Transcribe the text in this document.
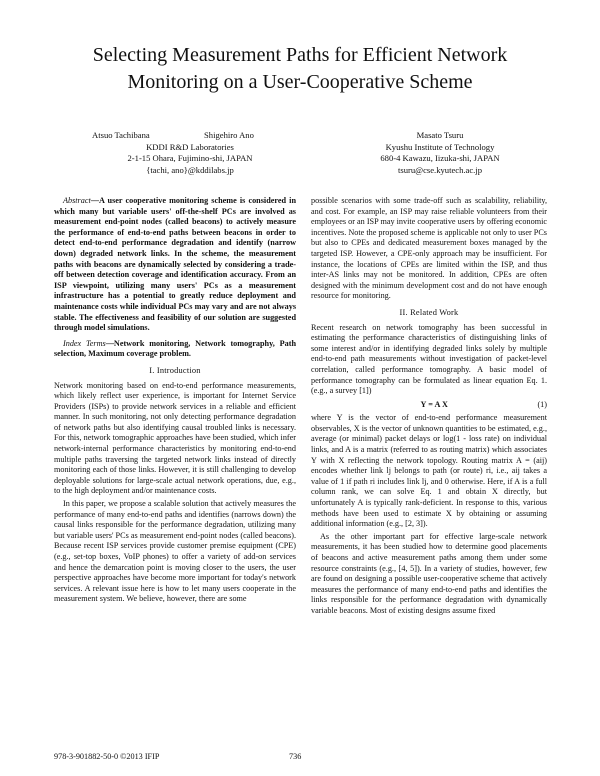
Selecting Measurement Paths for Efficient Network
Monitoring on a User-Cooperative Scheme
Atsuo Tachibana	Shigehiro Ano
KDDI R&D Laboratories
2-1-15 Ohara, Fujimino-shi, JAPAN
{tachi, ano}@kddilabs.jp
Masato Tsuru
Kyushu Institute of Technology
680-4 Kawazu, Iizuka-shi, JAPAN
tsuru@cse.kyutech.ac.jp

Abstract—A user cooperative monitoring scheme is considered in which many but variable users' off-the-shelf PCs are involved as measurement end-point nodes (called beacons) to actively measure the performance of end-to-end paths between beacons in order to detect end-to-end performance degradation and identify (narrow down) degraded network links. In the scheme, the measurement paths with beacons are dynamically selected by considering a trade-off between detection coverage and identification accuracy. From an ISP viewpoint, utilizing many users' PCs as a measurement infrastructure has a potential to greatly reduce deployment and maintenance costs while individual PCs may vary and are not always stable. The effectiveness and feasibility of our solution are suggested through model simulations.

Index Terms—Network monitoring, Network tomography, Path selection, Maximum coverage problem.

I. Introduction

Network monitoring based on end-to-end performance measurements, which likely reflect user experience, is important for Internet Service Providers (ISPs) to provide network services in a reliable and efficient manner. In such monitoring, not only detecting performance degradation of network paths but also identifying causal troubled links is necessary. For this, network tomographic approaches have been studied, which infer network-internal performance characteristics by monitoring end-to-end multiple paths traversing the targeted network links instead of directly monitoring each of those links. However, it is still challenging to develop deployable solutions for large-scale actual network operations, due, e.g., to the high deployment and/or maintenance costs.

In this paper, we propose a scalable solution that actively measures the performance of many end-to-end paths and identifies (narrows down) the causal links responsible for the performance degradation, utilizing many but variable users' PCs as measurement end-point nodes (called beacons). Because recent ISP services provide customer premise equipment (CPE) (e.g., set-top boxes, VoIP phones) to offer a variety of add-on services and hence the demarcation point is moving closer to the users, the user perspective approaches have become more important for today's network services. A relevant issue here is how to let many users cooperate in the measurement system. We believe, however, there are some

possible scenarios with some trade-off such as scalability, reliability, and cost. For example, an ISP may raise reliable volunteers from their employees or an ISP may invite cooperative users by offering economic incentives. Note the proposed scheme is applicable not only to user PCs but also to CPEs and dedicated measurement boxes managed by the targeted ISP. However, a CPE-only approach may be insufficient. For instance, the locations of CPEs are limited within the ISP, and thus inter-AS links may not be monitored. In addition, CPEs are often designed with the minimum development cost and do not have enough resource for monitoring.

II. Related Work

Recent research on network tomography has been successful in estimating the performance characteristics of distinguishing links of some interest and/or in identifying degraded links solely by multiple end-to-end path measurements without investigation of packet-level correlation, called performance tomography. A basic model of performance tomography can be formulated as linear equation Eq. 1. (e.g., a survey [1])

Y = A X	(1)

where Y is the vector of end-to-end performance measurement observables, X is the vector of unknown quantities to be estimated, e.g., average (or minimal) packet delays or log(1 - loss rate) on individual links, and A is a matrix (referred to as routing matrix) which associates Y with X reflecting the network topology. Routing matrix A = (aij) encodes whether link lj belongs to path (or route) ri, i.e., aij takes a value of 1 if path ri includes link lj, and 0 otherwise. Here, if A is a full column rank, we can solve Eq. 1 and obtain X directly, but unfortunately A is typically rank-deficient. In response to this, various methods have been used to estimate X by obtaining or assuming additional information (e.g., [2, 3]).

As the other important part for effective large-scale network measurements, it has been studied how to determine good placements of beacons and active measurement paths among them under some resource constraints (e.g., [4, 5]). In a variety of studies, however, few are found on designing a possible user-cooperative scheme that actively measures the performance of many end-to-end paths and identifies the links responsible for the performance degradation with dynamically variable beacons. Most of existing designs assume fixed

978-3-901882-50-0 ©2013 IFIP	736
